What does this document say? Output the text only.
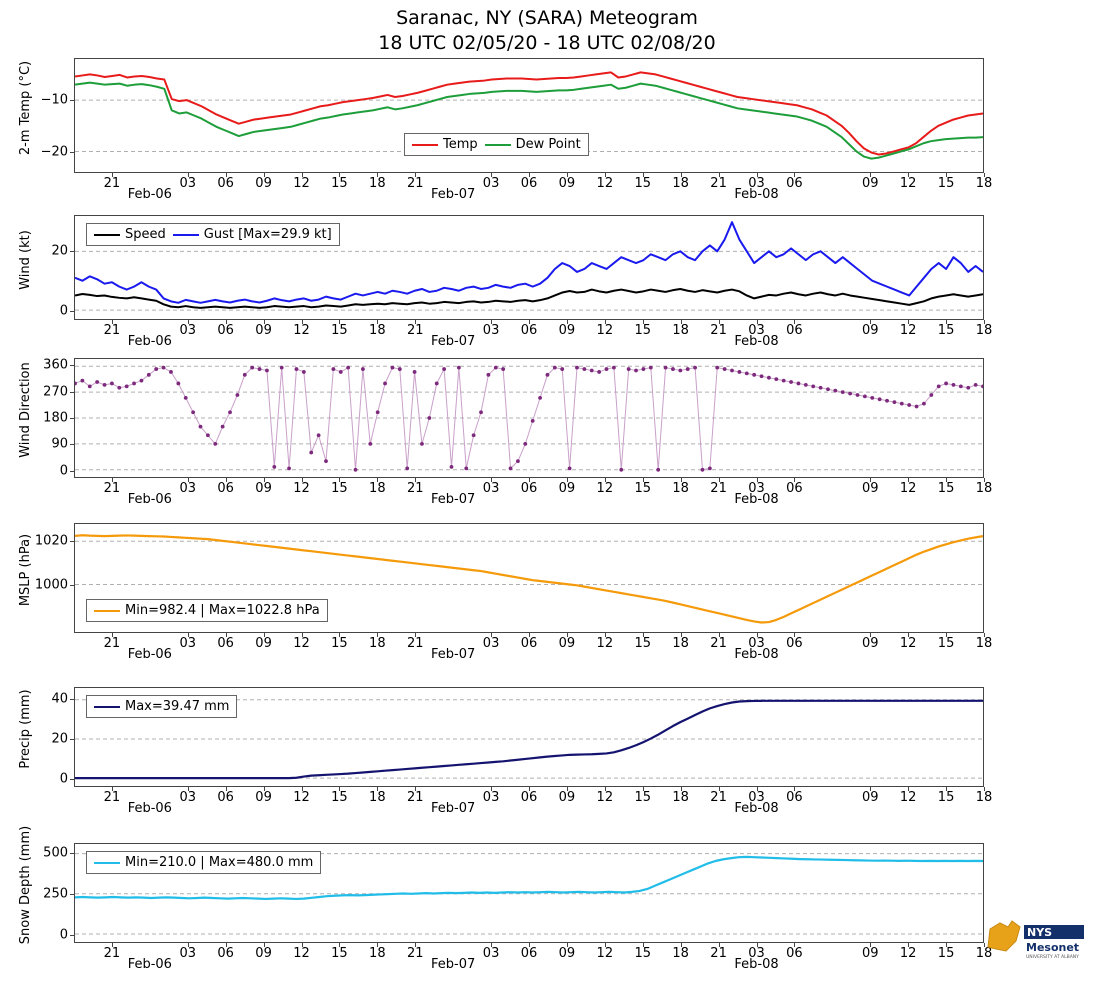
Saranac, NY (SARA) Meteogram
18 UTC 02/05/20 - 18 UTC 02/08/20
−20
−10
2-m Temp (°C)
21	03 06 09 12 15 18 21	03 06 09 12 15 18 21 03 06	09 12 15 18
Feb-06	Feb-07	Feb-08
Temp	Dew Point
0
20
Wind (kt)
21	03 06 09 12 15 18 21	03 06 09 12 15 18 21 03 06	09 12 15 18
Feb-06	Feb-07	Feb-08
Speed	Gust [Max=29.9 kt]
0
90
180
270
360
Wind Direction
21	03 06 09 12 15 18 21	03 06 09 12 15 18 21 03 06	09 12 15 18
Feb-06	Feb-07	Feb-08
1000
1020
MSLP (hPa)
21	03 06 09 12 15 18 21	03 06 09 12 15 18 21 03 06	09 12 15 18
Feb-06	Feb-07	Feb-08
Min=982.4 | Max=1022.8 hPa
0
20
40
Precip (mm)
21	03 06 09 12 15 18 21	03 06 09 12 15 18 21 03 06	09 12 15 18
Feb-06	Feb-07	Feb-08
Max=39.47 mm
0
250
500
Snow Depth (mm)
21	03 06 09 12 15 18 21	03 06 09 12 15 18 21 03 06	09 12 15 18
Feb-06	Feb-07	Feb-08
Min=210.0 | Max=480.0 mm
NYS
Mesonet
UNIVERSITY AT ALBANY
